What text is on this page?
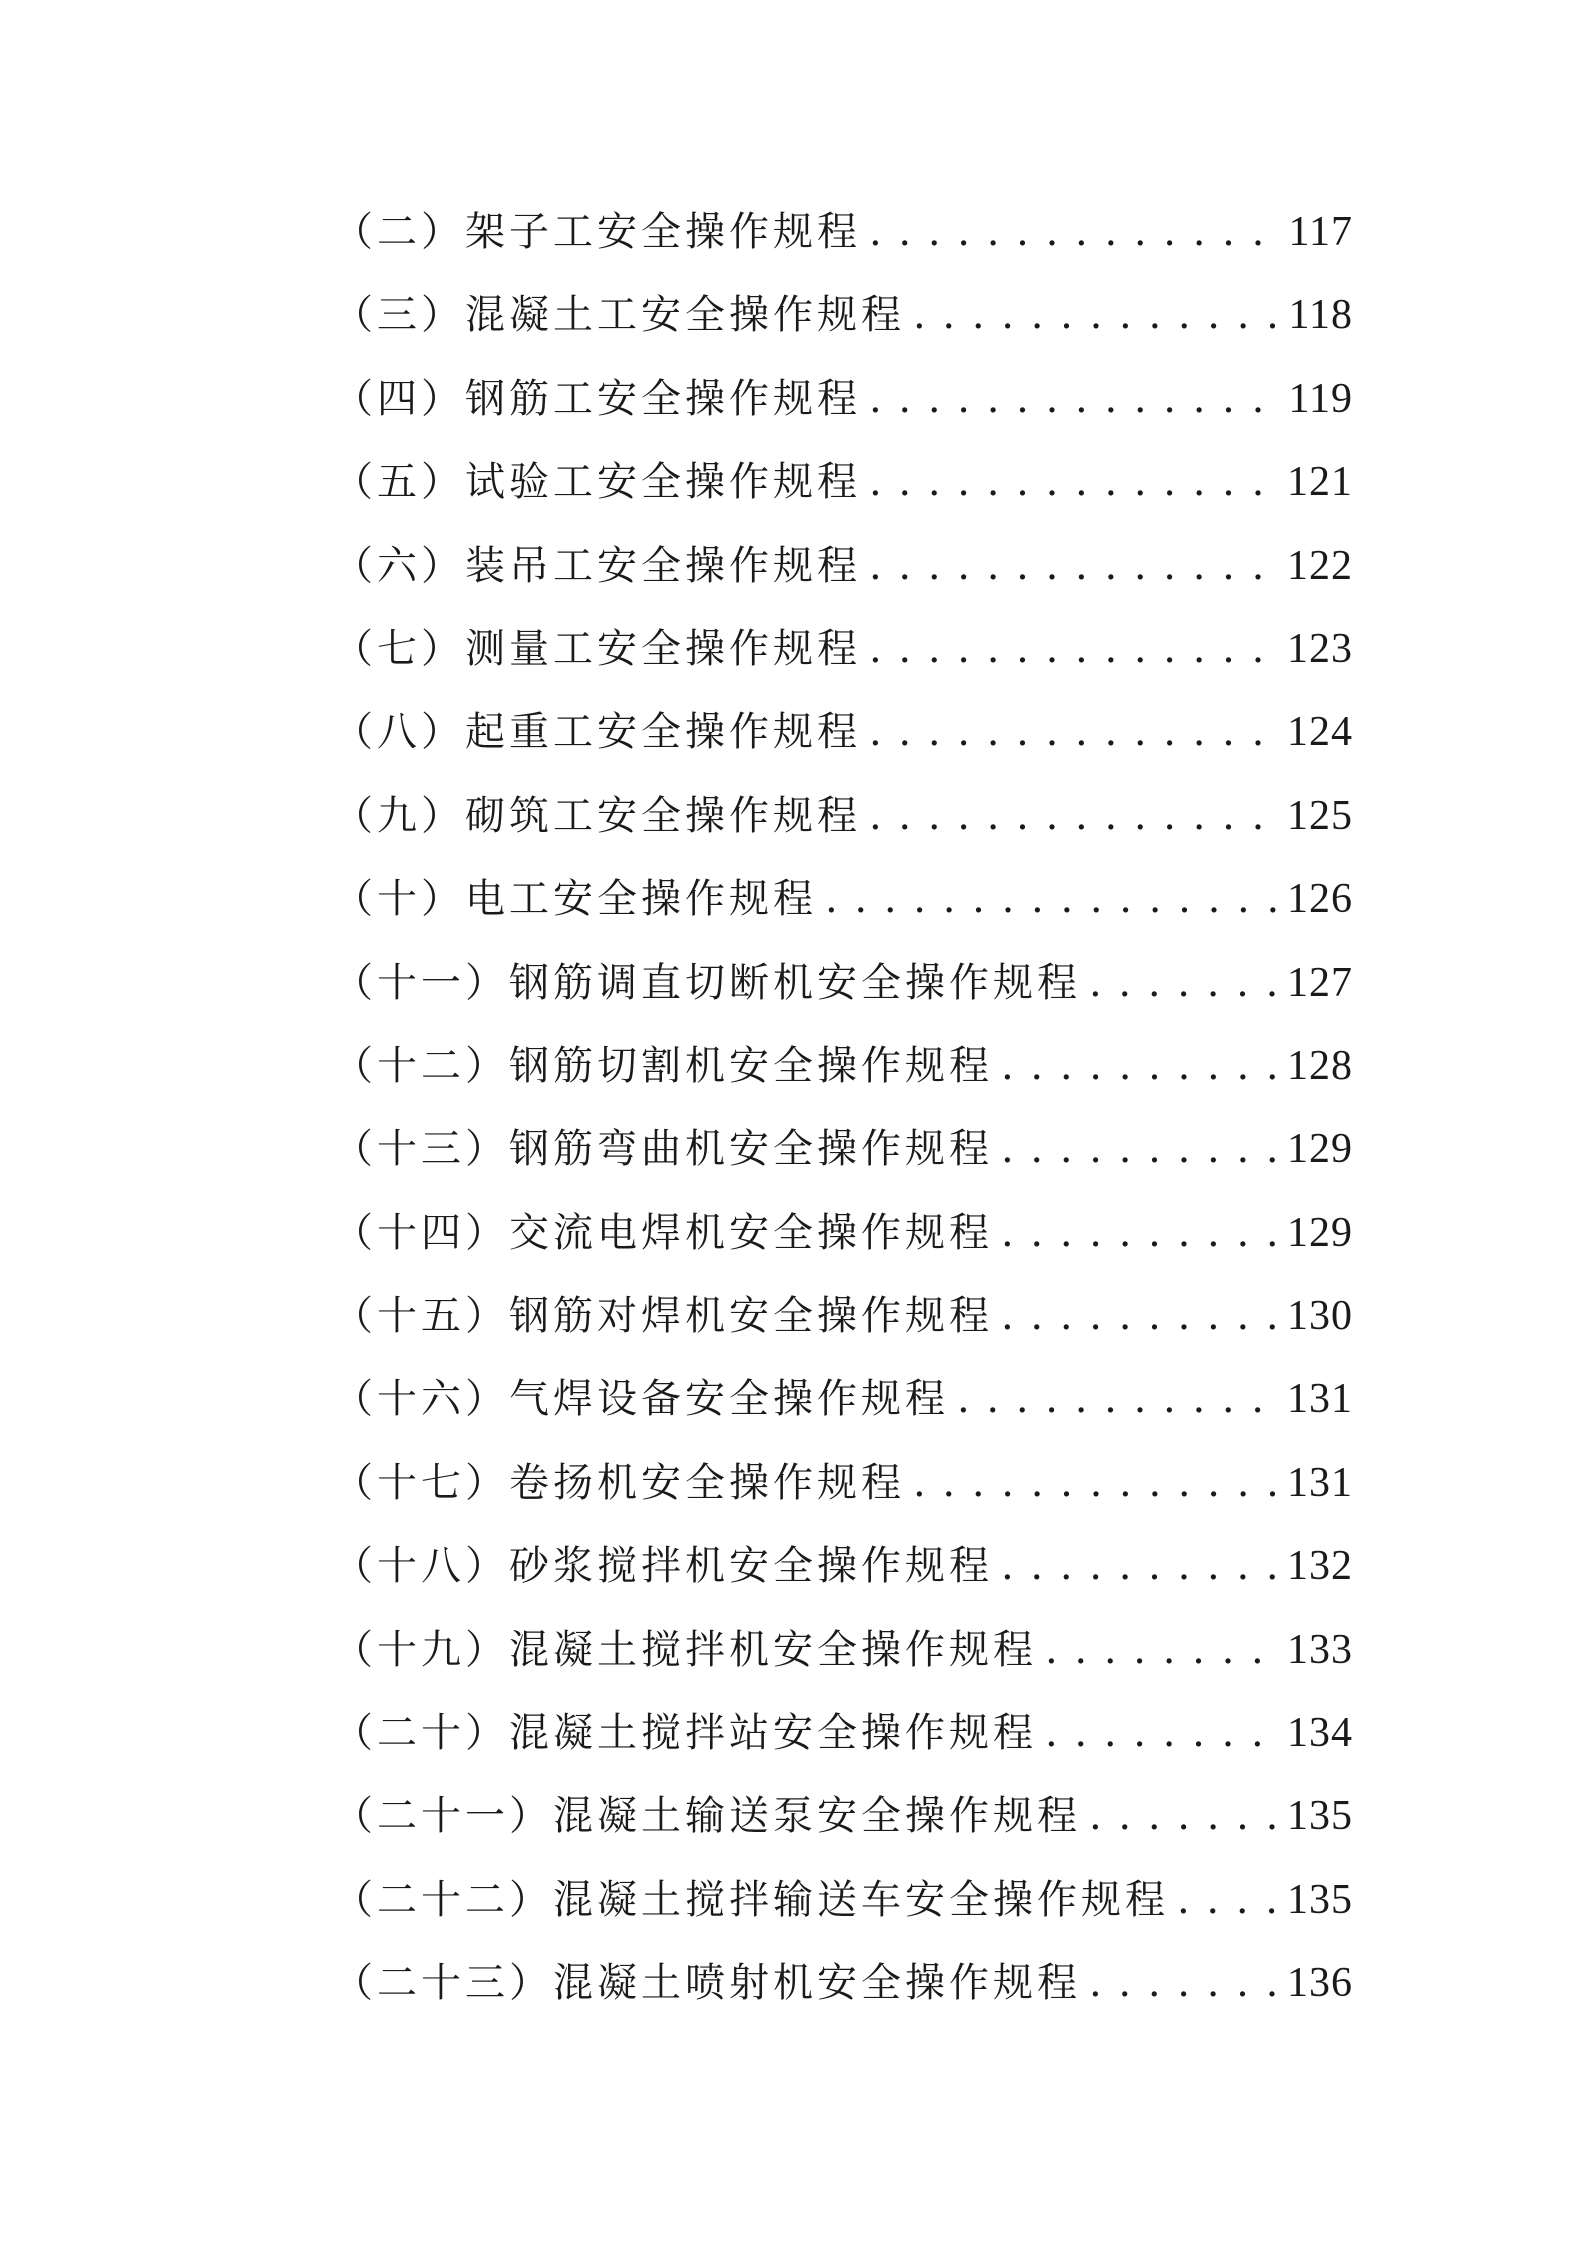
（二）架子工安全操作规程 . . .	117
（三）混凝土工安全操作规程 . . .	118
（四）钢筋工安全操作规程 . . .	119
（五）试验工安全操作规程 . . .	121
（六）装吊工安全操作规程 . . .	122
（七）测量工安全操作规程 . . .	123
（八）起重工安全操作规程 . . .	124
（九）砌筑工安全操作规程 . . .	125
（十）电工安全操作规程 . . .	126
（十一）钢筋调直切断机安全操作规程 . . .	127
（十二）钢筋切割机安全操作规程 . . .	128
（十三）钢筋弯曲机安全操作规程 . . .	129
（十四）交流电焊机安全操作规程 . . .	129
（十五）钢筋对焊机安全操作规程 . . .	130
（十六）气焊设备安全操作规程 . . .	131
（十七）卷扬机安全操作规程 . . .	131
（十八）砂浆搅拌机安全操作规程 . . .	132
（十九）混凝土搅拌机安全操作规程 . . .	133
（二十）混凝土搅拌站安全操作规程 . . .	134
（二十一）混凝土输送泵安全操作规程 . . .	135
（二十二）混凝土搅拌输送车安全操作规程 . . .	135
（二十三）混凝土喷射机安全操作规程 . . .	136
